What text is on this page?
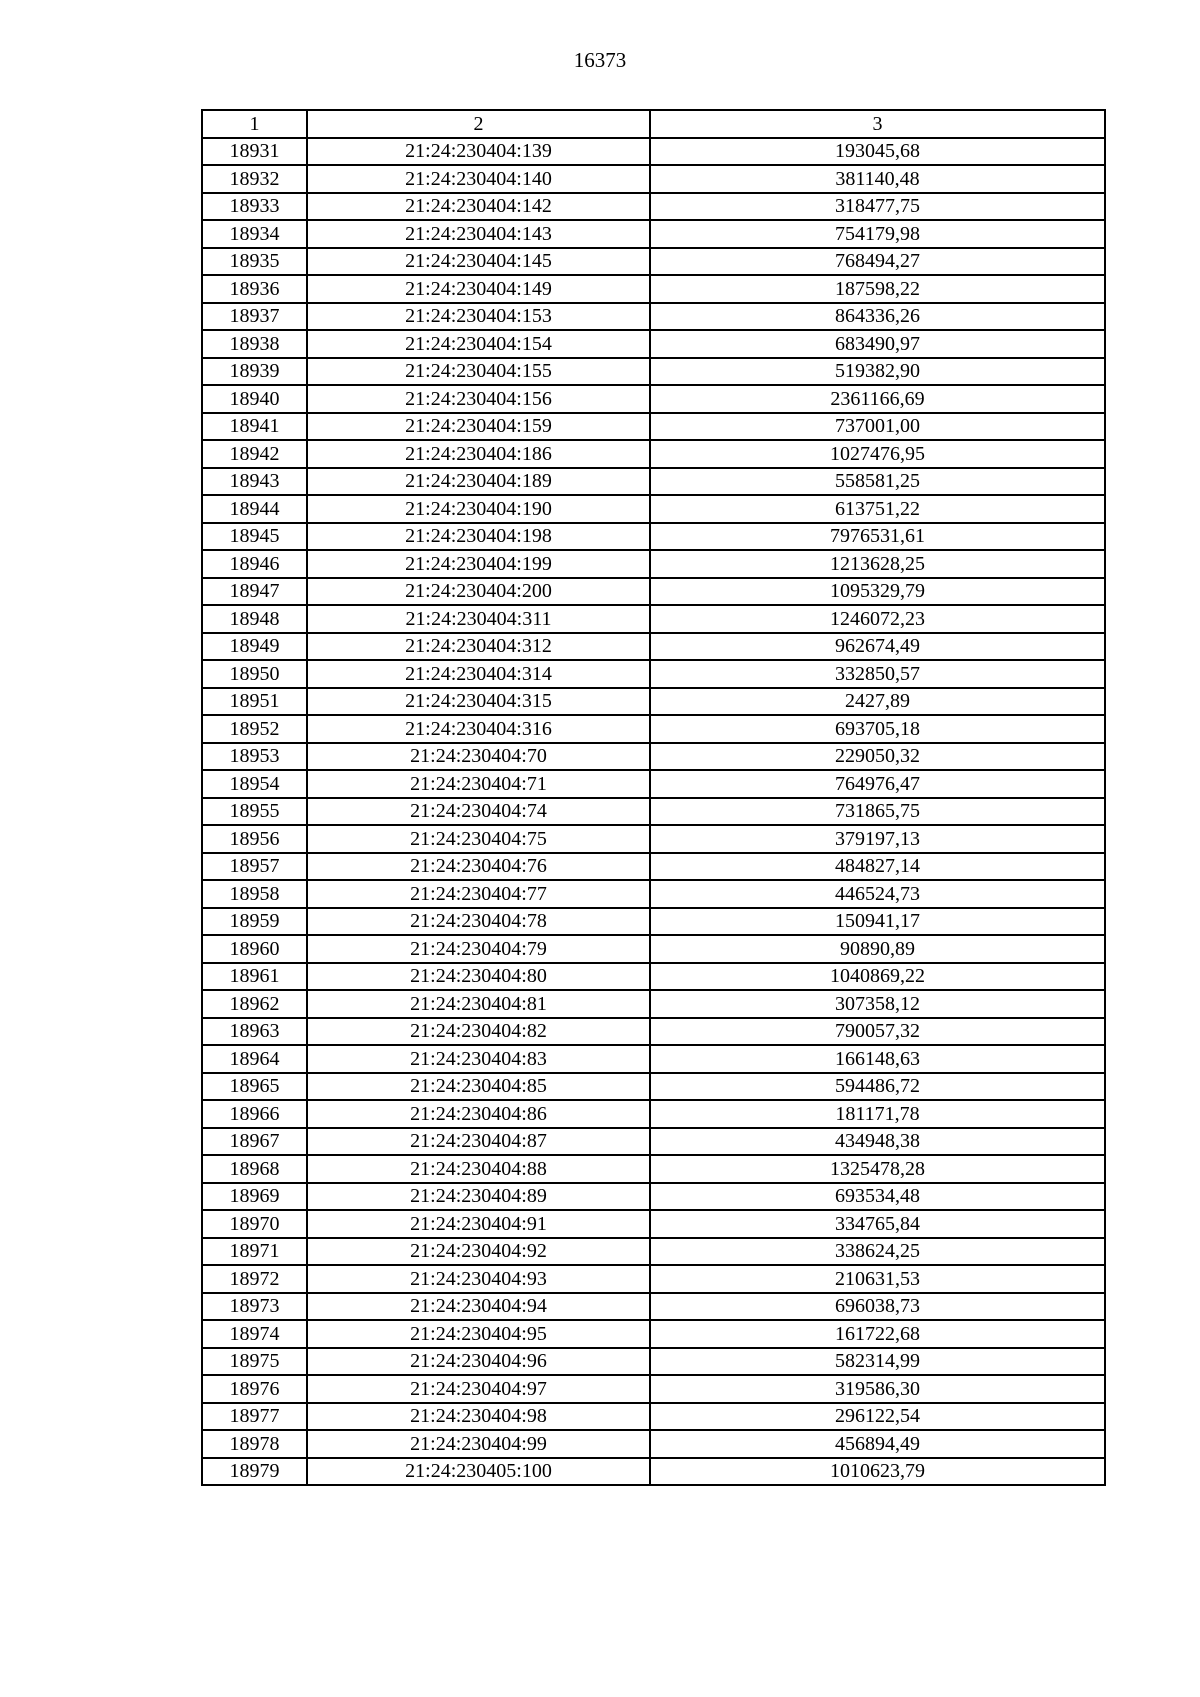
16373
1	2	3
18931	21:24:230404:139	193045,68
18932	21:24:230404:140	381140,48
18933	21:24:230404:142	318477,75
18934	21:24:230404:143	754179,98
18935	21:24:230404:145	768494,27
18936	21:24:230404:149	187598,22
18937	21:24:230404:153	864336,26
18938	21:24:230404:154	683490,97
18939	21:24:230404:155	519382,90
18940	21:24:230404:156	2361166,69
18941	21:24:230404:159	737001,00
18942	21:24:230404:186	1027476,95
18943	21:24:230404:189	558581,25
18944	21:24:230404:190	613751,22
18945	21:24:230404:198	7976531,61
18946	21:24:230404:199	1213628,25
18947	21:24:230404:200	1095329,79
18948	21:24:230404:311	1246072,23
18949	21:24:230404:312	962674,49
18950	21:24:230404:314	332850,57
18951	21:24:230404:315	2427,89
18952	21:24:230404:316	693705,18
18953	21:24:230404:70	229050,32
18954	21:24:230404:71	764976,47
18955	21:24:230404:74	731865,75
18956	21:24:230404:75	379197,13
18957	21:24:230404:76	484827,14
18958	21:24:230404:77	446524,73
18959	21:24:230404:78	150941,17
18960	21:24:230404:79	90890,89
18961	21:24:230404:80	1040869,22
18962	21:24:230404:81	307358,12
18963	21:24:230404:82	790057,32
18964	21:24:230404:83	166148,63
18965	21:24:230404:85	594486,72
18966	21:24:230404:86	181171,78
18967	21:24:230404:87	434948,38
18968	21:24:230404:88	1325478,28
18969	21:24:230404:89	693534,48
18970	21:24:230404:91	334765,84
18971	21:24:230404:92	338624,25
18972	21:24:230404:93	210631,53
18973	21:24:230404:94	696038,73
18974	21:24:230404:95	161722,68
18975	21:24:230404:96	582314,99
18976	21:24:230404:97	319586,30
18977	21:24:230404:98	296122,54
18978	21:24:230404:99	456894,49
18979	21:24:230405:100	1010623,79
